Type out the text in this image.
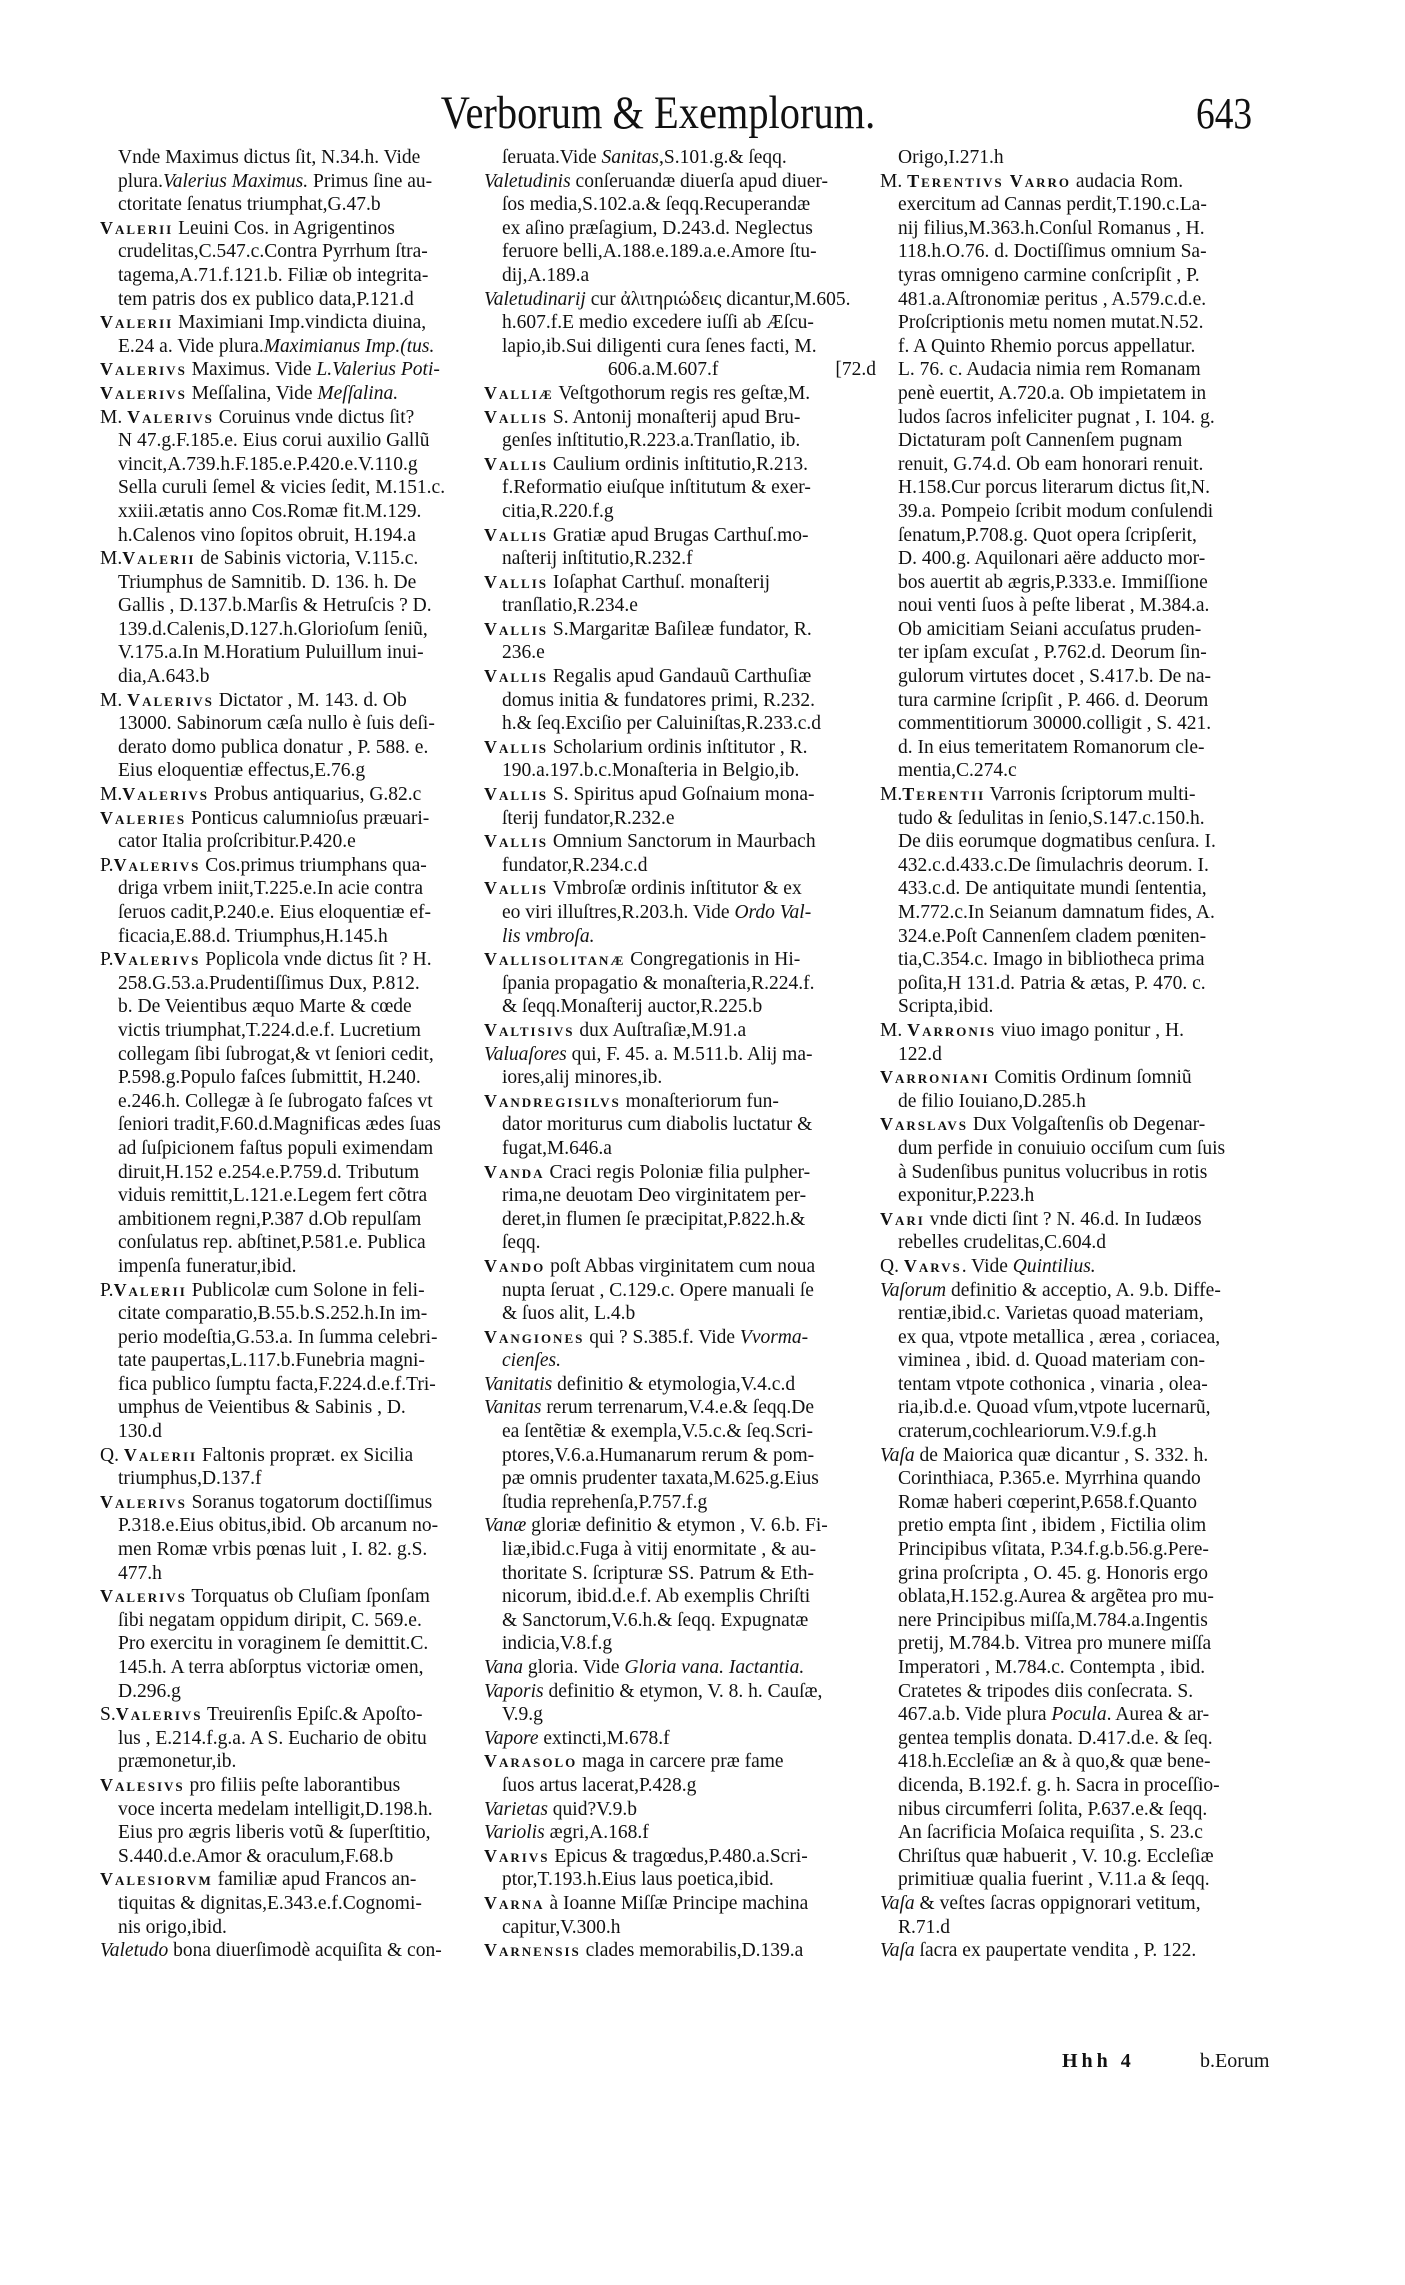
Verborum & Exemplorum.	643
Vnde Maximus dictus ſit, N.34.h. Vide
plura.Valerius Maximus. Primus ſine au-
ctoritate ſenatus triumphat,G.47.b
Valerii Leuini Cos. in Agrigentinos
crudelitas,C.547.c.Contra Pyrrhum ſtra-
tagema,A.71.f.121.b. Filiæ ob integrita-
tem patris dos ex publico data,P.121.d
Valerii Maximiani Imp.vindicta diuina,
E.24 a. Vide plura.Maximianus Imp.(tus.
Valerivs Maximus. Vide L.Valerius Poti-
Valerivs Meſſalina, Vide Meſſalina.
M. Valerivs Coruinus vnde dictus ſit?
N 47.g.F.185.e. Eius corui auxilio Gallũ
vincit,A.739.h.F.185.e.P.420.e.V.110.g
Sella curuli ſemel & vicies ſedit, M.151.c.
xxiii.ætatis anno Cos.Romæ fit.M.129.
h.Calenos vino ſopitos obruit, H.194.a
M.Valerii de Sabinis victoria, V.115.c.
Triumphus de Samnitib. D. 136. h. De
Gallis , D.137.b.Marſis & Hetruſcis ? D.
139.d.Calenis,D.127.h.Glorioſum ſeniũ,
V.175.a.In M.Horatium Puluillum inui-
dia,A.643.b
M. Valerivs Dictator , M. 143. d. Ob
13000. Sabinorum cæſa nullo è ſuis deſi-
derato domo publica donatur , P. 588. e.
Eius eloquentiæ effectus,E.76.g
M.Valerivs Probus antiquarius, G.82.c
Valeries Ponticus calumnioſus præuari-
cator Italia proſcribitur.P.420.e
P.Valerivs Cos.primus triumphans qua-
driga vrbem iniit,T.225.e.In acie contra
ſeruos cadit,P.240.e. Eius eloquentiæ ef-
ficacia,E.88.d. Triumphus,H.145.h
P.Valerivs Poplicola vnde dictus ſit ? H.
258.G.53.a.Prudentiſſimus Dux, P.812.
b. De Veientibus æquo Marte & cœde
victis triumphat,T.224.d.e.f. Lucretium
collegam ſibi ſubrogat,& vt ſeniori cedit,
P.598.g.Populo faſces ſubmittit, H.240.
e.246.h. Collegæ à ſe ſubrogato faſces vt
ſeniori tradit,F.60.d.Magnificas ædes ſuas
ad ſuſpicionem faſtus populi eximendam
diruit,H.152 e.254.e.P.759.d. Tributum
viduis remittit,L.121.e.Legem fert cõtra
ambitionem regni,P.387 d.Ob repulſam
conſulatus rep. abſtinet,P.581.e. Publica
impenſa funeratur,ibid.
P.Valerii Publicolæ cum Solone in feli-
citate comparatio,B.55.b.S.252.h.In im-
perio modeſtia,G.53.a. In ſumma celebri-
tate paupertas,L.117.b.Funebria magni-
fica publico ſumptu facta,F.224.d.e.f.Tri-
umphus de Veientibus & Sabinis , D.
130.d
Q. Valerii Faltonis propræt. ex Sicilia
triumphus,D.137.f
Valerivs Soranus togatorum doctiſſimus
P.318.e.Eius obitus,ibid. Ob arcanum no-
men Romæ vrbis pœnas luit , I. 82. g.S.
477.h
Valerivs Torquatus ob Cluſiam ſponſam
ſibi negatam oppidum diripit, C. 569.e.
Pro exercitu in voraginem ſe demittit.C.
145.h. A terra abſorptus victoriæ omen,
D.296.g
S.Valerivs Treuirenſis Epiſc.& Apoſto-
lus , E.214.f.g.a. A S. Euchario de obitu
præmonetur,ib.
Valesivs pro filiis peſte laborantibus
voce incerta medelam intelligit,D.198.h.
Eius pro ægris liberis votũ & ſuperſtitio,
S.440.d.e.Amor & oraculum,F.68.b
Valesiorvm familiæ apud Francos an-
tiquitas & dignitas,E.343.e.f.Cognomi-
nis origo,ibid.
Valetudo bona diuerſimodè acquiſita & con-
ſeruata.Vide Sanitas,S.101.g.& ſeqq.
Valetudinis conſeruandæ diuerſa apud diuer-
ſos media,S.102.a.& ſeqq.Recuperandæ
ex aſino præſagium, D.243.d. Neglectus
feruore belli,A.188.e.189.a.e.Amore ſtu-
dij,A.189.a
Valetudinarij cur ἀλιτηριώδεις dicantur,M.605.
h.607.f.E medio excedere iuſſi ab Æſcu-
lapio,ib.Sui diligenti cura ſenes facti, M.
606.a.M.607.f                        [72.d
Valliæ Veſtgothorum regis res geſtæ,M.
Vallis S. Antonij monaſterij apud Bru-
genſes inſtitutio,R.223.a.Tranſlatio, ib.
Vallis Caulium ordinis inſtitutio,R.213.
f.Reformatio eiuſque inſtitutum & exer-
citia,R.220.f.g
Vallis Gratiæ apud Brugas Carthuſ.mo-
naſterij inſtitutio,R.232.f
Vallis Ioſaphat Carthuſ. monaſterij
tranſlatio,R.234.e
Vallis S.Margaritæ Baſileæ fundator, R.
236.e
Vallis Regalis apud Gandauũ Carthuſiæ
domus initia & fundatores primi, R.232.
h.& ſeq.Exciſio per Caluiniſtas,R.233.c.d
Vallis Scholarium ordinis inſtitutor , R.
190.a.197.b.c.Monaſteria in Belgio,ib.
Vallis S. Spiritus apud Goſnaium mona-
ſterij fundator,R.232.e
Vallis Omnium Sanctorum in Maurbach
fundator,R.234.c.d
Vallis Vmbroſæ ordinis inſtitutor & ex
eo viri illuſtres,R.203.h. Vide Ordo Val-
lis vmbroſa.
Vallisolitanæ Congregationis in Hi-
ſpania propagatio & monaſteria,R.224.f.
& ſeqq.Monaſterij auctor,R.225.b
Valtisivs dux Auſtraſiæ,M.91.a
Valuaſores qui, F. 45. a. M.511.b. Alij ma-
iores,alij minores,ib.
Vandregisilvs monaſteriorum fun-
dator moriturus cum diabolis luctatur &
fugat,M.646.a
Vanda Craci regis Poloniæ filia pulpher-
rima,ne deuotam Deo virginitatem per-
deret,in flumen ſe præcipitat,P.822.h.&
ſeqq.
Vando poſt Abbas virginitatem cum noua
nupta ſeruat , C.129.c. Opere manuali ſe
& ſuos alit, L.4.b
Vangiones qui ? S.385.f. Vide Vvorma-
cienſes.
Vanitatis definitio & etymologia,V.4.c.d
Vanitas rerum terrenarum,V.4.e.& ſeqq.De
ea ſentẽtiæ & exempla,V.5.c.& ſeq.Scri-
ptores,V.6.a.Humanarum rerum & pom-
pæ omnis prudenter taxata,M.625.g.Eius
ſtudia reprehenſa,P.757.f.g
Vanæ gloriæ definitio & etymon , V. 6.b. Fi-
liæ,ibid.c.Fuga à vitij enormitate , & au-
thoritate S. ſcripturæ SS. Patrum & Eth-
nicorum, ibid.d.e.f. Ab exemplis Chriſti
& Sanctorum,V.6.h.& ſeqq. Expugnatæ
indicia,V.8.f.g
Vana gloria. Vide Gloria vana. Iactantia.
Vaporis definitio & etymon, V. 8. h. Cauſæ,
V.9.g
Vapore extincti,M.678.f
Varasolo maga in carcere præ fame
ſuos artus lacerat,P.428.g
Varietas quid?V.9.b
Variolis ægri,A.168.f
Varivs Epicus & tragœdus,P.480.a.Scri-
ptor,T.193.h.Eius laus poetica,ibid.
Varna à Ioanne Miſſæ Principe machina
capitur,V.300.h
Varnensis clades memorabilis,D.139.a
Origo,I.271.h
M. Terentivs Varro audacia Rom.
exercitum ad Cannas perdit,T.190.c.La-
nij filius,M.363.h.Conſul Romanus , H.
118.h.O.76. d. Doctiſſimus omnium Sa-
tyras omnigeno carmine conſcripſit , P.
481.a.Aſtronomiæ peritus , A.579.c.d.e.
Proſcriptionis metu nomen mutat.N.52.
f. A Quinto Rhemio porcus appellatur.
L. 76. c. Audacia nimia rem Romanam
penè euertit, A.720.a. Ob impietatem in
ludos ſacros infeliciter pugnat , I. 104. g.
Dictaturam poſt Cannenſem pugnam
renuit, G.74.d. Ob eam honorari renuit.
H.158.Cur porcus literarum dictus ſit,N.
39.a. Pompeio ſcribit modum conſulendi
ſenatum,P.708.g. Quot opera ſcripſerit,
D. 400.g. Aquilonari aëre adducto mor-
bos auertit ab ægris,P.333.e. Immiſſione
noui venti ſuos à peſte liberat , M.384.a.
Ob amicitiam Seiani accuſatus pruden-
ter ipſam excuſat , P.762.d. Deorum ſin-
gulorum virtutes docet , S.417.b. De na-
tura carmine ſcripſit , P. 466. d. Deorum
commentitiorum 30000.colligit , S. 421.
d. In eius temeritatem Romanorum cle-
mentia,C.274.c
M.Terentii Varronis ſcriptorum multi-
tudo & ſedulitas in ſenio,S.147.c.150.h.
De diis eorumque dogmatibus cenſura. I.
432.c.d.433.c.De ſimulachris deorum. I.
433.c.d. De antiquitate mundi ſententia,
M.772.c.In Seianum damnatum fides, A.
324.e.Poſt Cannenſem cladem pœniten-
tia,C.354.c. Imago in bibliotheca prima
poſita,H 131.d. Patria & ætas, P. 470. c.
Scripta,ibid.
M. Varronis viuo imago ponitur , H.
122.d
Varroniani Comitis Ordinum ſomniũ
de filio Iouiano,D.285.h
Varslavs Dux Volgaſtenſis ob Degenar-
dum perfide in conuiuio occiſum cum ſuis
à Sudenſibus punitus volucribus in rotis
exponitur,P.223.h
Vari vnde dicti ſint ? N. 46.d. In Iudæos
rebelles crudelitas,C.604.d
Q. Varvs. Vide Quintilius.
Vaſorum definitio & acceptio, A. 9.b. Diffe-
rentiæ,ibid.c. Varietas quoad materiam,
ex qua, vtpote metallica , ærea , coriacea,
viminea , ibid. d. Quoad materiam con-
tentam vtpote cothonica , vinaria , olea-
ria,ib.d.e. Quoad vſum,vtpote lucernarũ,
craterum,cochleariorum.V.9.f.g.h
Vaſa de Maiorica quæ dicantur , S. 332. h.
Corinthiaca, P.365.e. Myrrhina quando
Romæ haberi cœperint,P.658.f.Quanto
pretio empta ſint , ibidem , Fictilia olim
Principibus vſitata, P.34.f.g.b.56.g.Pere-
grina proſcripta , O. 45. g. Honoris ergo
oblata,H.152.g.Aurea & argẽtea pro mu-
nere Principibus miſſa,M.784.a.Ingentis
pretij, M.784.b. Vitrea pro munere miſſa
Imperatori , M.784.c. Contempta , ibid.
Cratetes & tripodes diis conſecrata. S.
467.a.b. Vide plura Pocula. Aurea & ar-
gentea templis donata. D.417.d.e. & ſeq.
418.h.Eccleſiæ an & à quo,& quæ bene-
dicenda, B.192.f. g. h. Sacra in proceſſio-
nibus circumferri ſolita, P.637.e.& ſeqq.
An ſacrificia Moſaica requiſita , S. 23.c
Chriſtus quæ habuerit , V. 10.g. Eccleſiæ
primitiuæ qualia fuerint , V.11.a & ſeqq.
Vaſa & veſtes ſacras oppignorari vetitum,
R.71.d
Vaſa ſacra ex paupertate vendita , P. 122.
Hhh 4	b.Eorum
